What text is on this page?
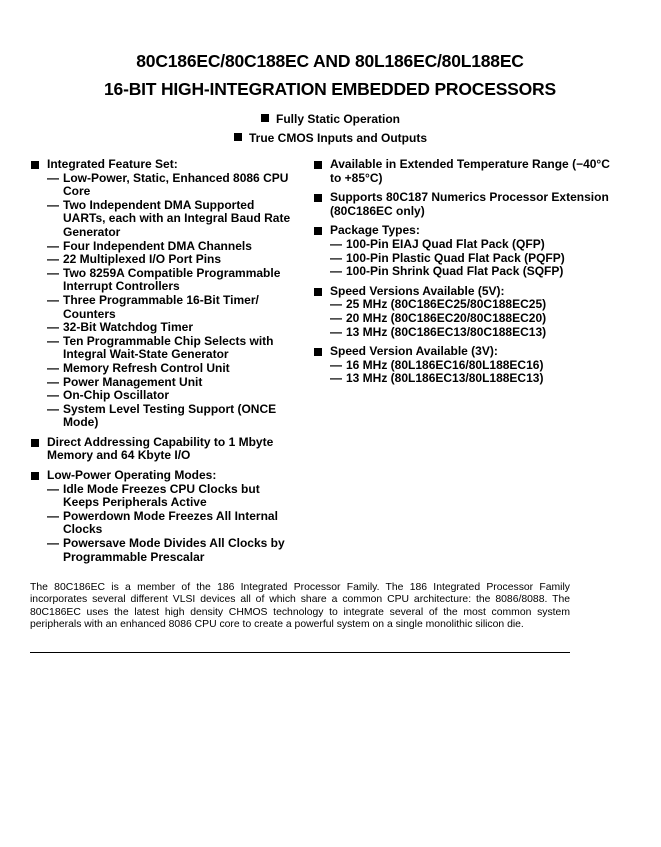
80C186EC/80C188EC AND 80L186EC/80L188EC
16-BIT HIGH-INTEGRATION EMBEDDED PROCESSORS
Fully Static Operation
True CMOS Inputs and Outputs
Integrated Feature Set:
— Low-Power, Static, Enhanced 8086 CPU Core
— Two Independent DMA Supported UARTs, each with an Integral Baud Rate Generator
— Four Independent DMA Channels
— 22 Multiplexed I/O Port Pins
— Two 8259A Compatible Programmable Interrupt Controllers
— Three Programmable 16-Bit Timer/ Counters
— 32-Bit Watchdog Timer
— Ten Programmable Chip Selects with Integral Wait-State Generator
— Memory Refresh Control Unit
— Power Management Unit
— On-Chip Oscillator
— System Level Testing Support (ONCE Mode)
Direct Addressing Capability to 1 Mbyte Memory and 64 Kbyte I/O
Low-Power Operating Modes:
— Idle Mode Freezes CPU Clocks but Keeps Peripherals Active
— Powerdown Mode Freezes All Internal Clocks
— Powersave Mode Divides All Clocks by Programmable Prescalar
Available in Extended Temperature Range (−40°C to +85°C)
Supports 80C187 Numerics Processor Extension (80C186EC only)
Package Types:
— 100-Pin EIAJ Quad Flat Pack (QFP)
— 100-Pin Plastic Quad Flat Pack (PQFP)
— 100-Pin Shrink Quad Flat Pack (SQFP)
Speed Versions Available (5V):
— 25 MHz (80C186EC25/80C188EC25)
— 20 MHz (80C186EC20/80C188EC20)
— 13 MHz (80C186EC13/80C188EC13)
Speed Version Available (3V):
— 16 MHz (80L186EC16/80L188EC16)
— 13 MHz (80L186EC13/80L188EC13)

The 80C186EC is a member of the 186 Integrated Processor Family. The 186 Integrated Processor Family incorporates several different VLSI devices all of which share a common CPU architecture: the 8086/8088. The 80C186EC uses the latest high density CHMOS technology to integrate several of the most common system peripherals with an enhanced 8086 CPU core to create a powerful system on a single monolithic silicon die.
